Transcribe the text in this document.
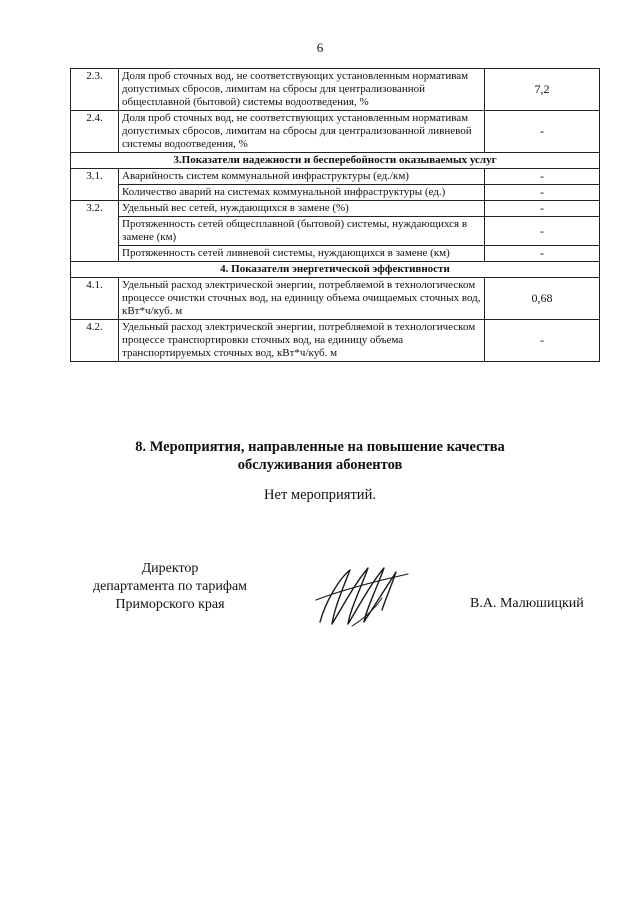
6
2.3.	Доля проб сточных вод, не соответствующих установленным нормативам допустимых сбросов, лимитам на сбросы для централизованной общесплавной (бытовой) системы водоотведения, %	7,2
2.4.	Доля проб сточных вод, не соответствующих установленным нормативам допустимых сбросов, лимитам на сбросы для централизованной ливневой системы водоотведения, %	-
3.Показатели надежности и бесперебойности оказываемых услуг		
3.1.	Аварийность систем коммунальной инфраструктуры (ед./км)	-
	Количество аварий на системах коммунальной инфраструктуры (ед.)	-
3.2.	Удельный вес сетей, нуждающихся в замене (%)	-
	Протяженность сетей общесплавной (бытовой) системы, нуждающихся в замене (км)	-
	Протяженность сетей ливневой системы, нуждающихся в замене (км)	-
4. Показатели энергетической эффективности		
4.1.	Удельный расход электрической энергии, потребляемой в технологическом процессе очистки сточных вод, на единицу объема очищаемых сточных вод, кВт*ч/куб. м	0,68
4.2.	Удельный расход электрической энергии, потребляемой в технологическом процессе транспортировки сточных вод, на единицу объема транспортируемых сточных вод, кВт*ч/куб. м	-
8. Мероприятия, направленные на повышение качества
обслуживания абонентов
Нет мероприятий.
Директор
департамента по тарифам
Приморского края	В.А. Малюшицкий
